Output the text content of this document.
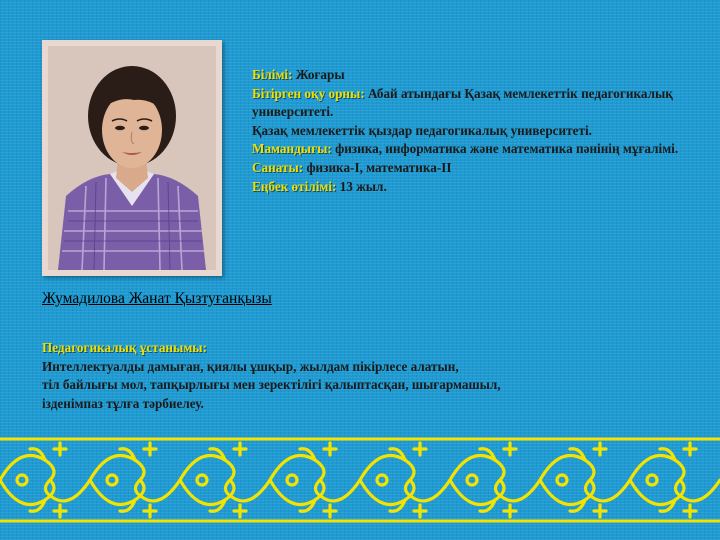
Білімі: Жоғары
Бітірген оқу орны: Абай атындағы Қазақ мемлекеттік педагогикалық университеті.
Қазақ мемлекеттік қыздар педагогикалық университеті.
Мамандығы: физика, информатика және математика пәнінің мұғалімі.
Санаты: физика-I, математика-II
Еңбек өтілімі: 13 жыл.
Жумадилова Жанат Қызтуғанқызы
Педагогикалық ұстанымы:
Интеллектуалды дамыған, қиялы ұшқыр, жылдам пікірлесе алатын,
тіл байлығы мол, тапқырлығы мен зеректілігі қалыптасқан, шығармашыл,
ізденімпаз тұлға тәрбиелеу.
